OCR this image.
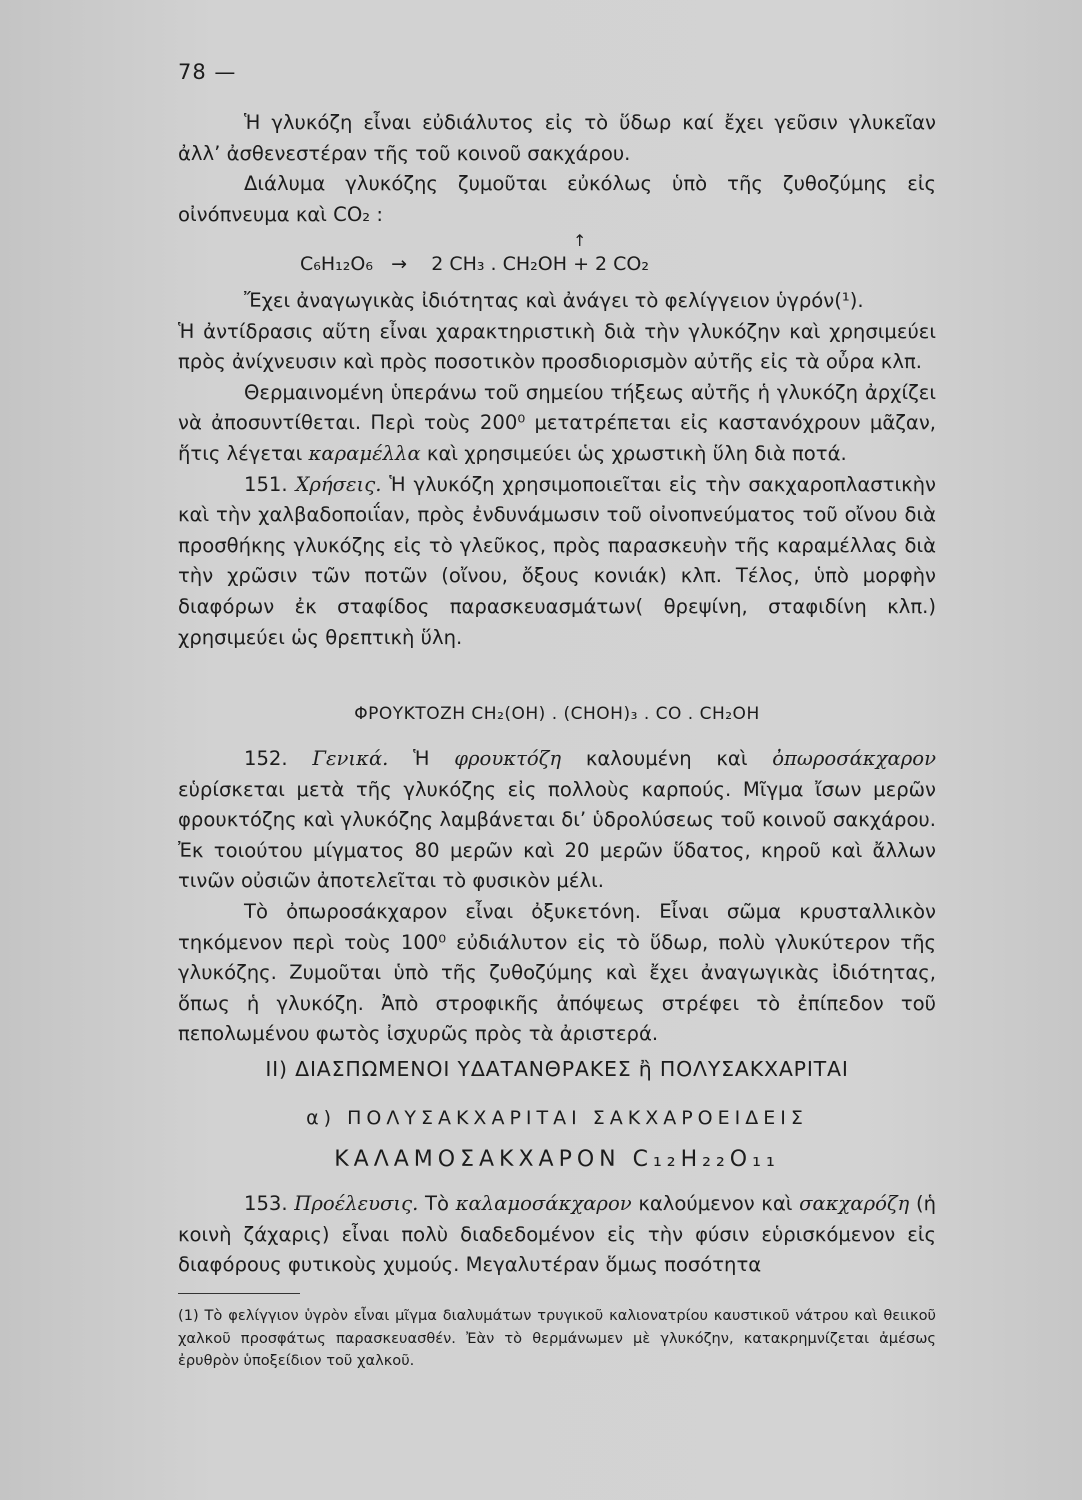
78 —

Ἡ γλυκόζη εἶναι εὐδιάλυτος εἰς τὸ ὕδωρ καί ἔχει γεῦσιν γλυκεῖαν ἀλλ’ ἀσθενεστέραν τῆς τοῦ κοινοῦ σακχάρου.

Διάλυμα γλυκόζης ζυμοῦται εὐκόλως ὑπὸ τῆς ζυθοζύμης εἰς οἰνόπνευμα καὶ CO₂ :

↑
C₆H₁₂O₆ → 2 CH₃ . CH₂OH + 2 CO₂

Ἔχει ἀναγωγικὰς ἰδιότητας καὶ ἀνάγει τὸ φελίγγειον ὑγρόν(¹).

Ἡ ἀντίδρασις αὕτη εἶναι χαρακτηριστικὴ διὰ τὴν γλυκόζην καὶ χρησιμεύει πρὸς ἀνίχνευσιν καὶ πρὸς ποσοτικὸν προσδιορισμὸν αὐτῆς εἰς τὰ οὖρα κλπ.

Θερμαινομένη ὑπεράνω τοῦ σημείου τήξεως αὐτῆς ἡ γλυκόζη ἀρχίζει νὰ ἀποσυντίθεται. Περὶ τοὺς 200⁰ μετατρέπεται εἰς καστανόχρουν μᾶζαν, ἥτις λέγεται καραμέλλα καὶ χρησιμεύει ὡς χρωστικὴ ὕλη διὰ ποτά.

151. Χρήσεις. Ἡ γλυκόζη χρησιμοποιεῖται εἰς τὴν σακχαροπλαστικὴν καὶ τὴν χαλβαδοποιΐαν, πρὸς ἐνδυνάμωσιν τοῦ οἰνοπνεύματος τοῦ οἴνου διὰ προσθήκης γλυκόζης εἰς τὸ γλεῦκος, πρὸς παρασκευὴν τῆς καραμέλλας διὰ τὴν χρῶσιν τῶν ποτῶν (οἴνου, ὄξους κονιάκ) κλπ. Τέλος, ὑπὸ μορφὴν διαφόρων ἐκ σταφίδος παρασκευασμάτων( θρεψίνη, σταφιδίνη κλπ.) χρησιμεύει ὡς θρεπτικὴ ὕλη.

ΦΡΟΥΚΤΟΖΗ CH₂(OH) . (CHOH)₃ . CO . CH₂OH

152. Γενικά. Ἡ φρουκτόζη καλουμένη καὶ ὀπωροσάκχαρον εὑρίσκεται μετὰ τῆς γλυκόζης εἰς πολλοὺς καρπούς. Μῖγμα ἴσων μερῶν φρουκτόζης καὶ γλυκόζης λαμβάνεται δι’ ὑδρολύσεως τοῦ κοινοῦ σακχάρου. Ἐκ τοιούτου μίγματος 80 μερῶν καὶ 20 μερῶν ὕδατος, κηροῦ καὶ ἄλλων τινῶν οὐσιῶν ἀποτελεῖται τὸ φυσικὸν μέλι.

Τὸ ὀπωροσάκχαρον εἶναι ὀξυκετόνη. Εἶναι σῶμα κρυσταλλικὸν τηκόμενον περὶ τοὺς 100⁰ εὐδιάλυτον εἰς τὸ ὕδωρ, πολὺ γλυκύτερον τῆς γλυκόζης. Ζυμοῦται ὑπὸ τῆς ζυθοζύμης καὶ ἔχει ἀναγωγικὰς ἰδιότητας, ὅπως ἡ γλυκόζη. Ἀπὸ στροφικῆς ἀπόψεως στρέφει τὸ ἐπίπεδον τοῦ πεπολωμένου φωτὸς ἰσχυρῶς πρὸς τὰ ἀριστερά.

II) ΔΙΑΣΠΩΜΕΝΟΙ ΥΔΑΤΑΝΘΡΑΚΕΣ ἢ ΠΟΛΥΣΑΚΧΑΡΙΤΑΙ
α) ΠΟΛΥΣΑΚΧΑΡΙΤΑΙ ΣΑΚΧΑΡΟΕΙΔΕΙΣ
ΚΑΛΑΜΟΣΑΚΧΑΡΟΝ C₁₂H₂₂O₁₁

153. Προέλευσις. Τὸ καλαμοσάκχαρον καλούμενον καὶ σακχαρόζη (ἡ κοινὴ ζάχαρις) εἶναι πολὺ διαδεδομένον εἰς τὴν φύσιν εὑρισκόμενον εἰς διαφόρους φυτικοὺς χυμούς. Μεγαλυτέραν ὅμως ποσότητα

(1) Τὸ φελίγγιον ὑγρὸν εἶναι μῖγμα διαλυμάτων τρυγικοῦ καλιονατρίου καυστικοῦ νάτρου καὶ θειικοῦ χαλκοῦ προσφάτως παρασκευασθέν. Ἐὰν τὸ θερμάνωμεν μὲ γλυκόζην, κατακρημνίζεται ἀμέσως ἐρυθρὸν ὑποξείδιον τοῦ χαλκοῦ.
